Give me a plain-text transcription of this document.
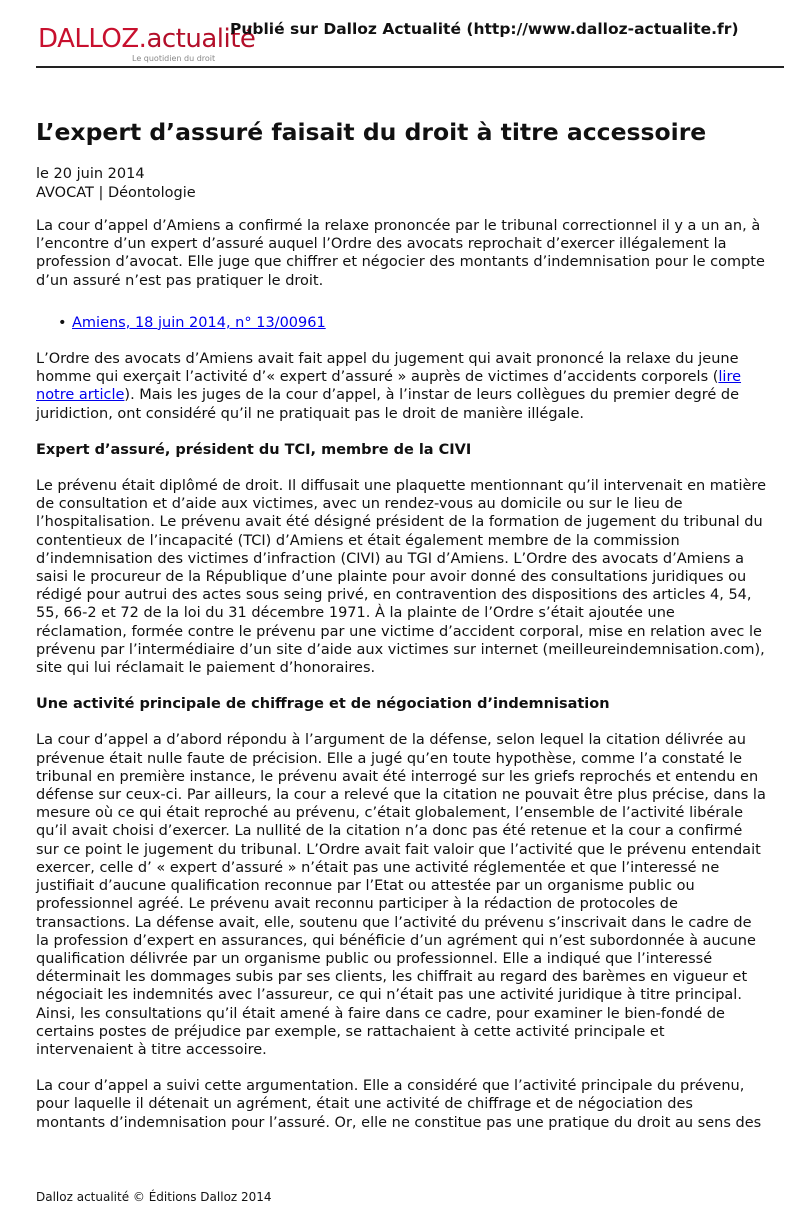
DALLOZ.actualité
Le quotidien du droit
Publié sur Dalloz Actualité (http://www.dalloz-actualite.fr)
L’expert d’assuré faisait du droit à titre accessoire
le 20 juin 2014
AVOCAT | Déontologie

La cour d’appel d’Amiens a confirmé la relaxe prononcée par le tribunal correctionnel il y a un an, à l’encontre d’un expert d’assuré auquel l’Ordre des avocats reprochait d’exercer illégalement la profession d’avocat. Elle juge que chiffrer et négocier des montants d’indemnisation pour le compte d’un assuré n’est pas pratiquer le droit.

• Amiens, 18 juin 2014, n° 13/00961

L’Ordre des avocats d’Amiens avait fait appel du jugement qui avait prononcé la relaxe du jeune homme qui exerçait l’activité d’« expert d’assuré » auprès de victimes d’accidents corporels (lire notre article). Mais les juges de la cour d’appel, à l’instar de leurs collègues du premier degré de juridiction, ont considéré qu’il ne pratiquait pas le droit de manière illégale.

Expert d’assuré, président du TCI, membre de la CIVI

Le prévenu était diplômé de droit. Il diffusait une plaquette mentionnant qu’il intervenait en matière de consultation et d’aide aux victimes, avec un rendez-vous au domicile ou sur le lieu de l’hospitalisation. Le prévenu avait été désigné président de la formation de jugement du tribunal du contentieux de l’incapacité (TCI) d’Amiens et était également membre de la commission d’indemnisation des victimes d’infraction (CIVI) au TGI d’Amiens. L’Ordre des avocats d’Amiens a saisi le procureur de la République d’une plainte pour avoir donné des consultations juridiques ou rédigé pour autrui des actes sous seing privé, en contravention des dispositions des articles 4, 54, 55, 66-2 et 72 de la loi du 31 décembre 1971. À la plainte de l’Ordre s’était ajoutée une réclamation, formée contre le prévenu par une victime d’accident corporal, mise en relation avec le prévenu par l’intermédiaire d’un site d’aide aux victimes sur internet (meilleureindemnisation.com), site qui lui réclamait le paiement d’honoraires.

Une activité principale de chiffrage et de négociation d’indemnisation

La cour d’appel a d’abord répondu à l’argument de la défense, selon lequel la citation délivrée au prévenue était nulle faute de précision. Elle a jugé qu’en toute hypothèse, comme l’a constaté le tribunal en première instance, le prévenu avait été interrogé sur les griefs reprochés et entendu en défense sur ceux-ci. Par ailleurs, la cour a relevé que la citation ne pouvait être plus précise, dans la mesure où ce qui était reproché au prévenu, c’était globalement, l’ensemble de l’activité libérale qu’il avait choisi d’exercer. La nullité de la citation n’a donc pas été retenue et la cour a confirmé sur ce point le jugement du tribunal. L’Ordre avait fait valoir que l’activité que le prévenu entendait exercer, celle d’ « expert d’assuré » n’était pas une activité réglementée et que l’interessé ne justifiait d’aucune qualification reconnue par l’Etat ou attestée par un organisme public ou professionnel agréé. Le prévenu avait reconnu participer à la rédaction de protocoles de transactions. La défense avait, elle, soutenu que l’activité du prévenu s’inscrivait dans le cadre de la profession d’expert en assurances, qui bénéficie d’un agrément qui n’est subordonnée à aucune qualification délivrée par un organisme public ou professionnel. Elle a indiqué que l’interessé déterminait les dommages subis par ses clients, les chiffrait au regard des barèmes en vigueur et négociait les indemnités avec l’assureur, ce qui n’était pas une activité juridique à titre principal. Ainsi, les consultations qu’il était amené à faire dans ce cadre, pour examiner le bien-fondé de certains postes de préjudice par exemple, se rattachaient à cette activité principale et intervenaient à titre accessoire.

La cour d’appel a suivi cette argumentation. Elle a considéré que l’activité principale du prévenu, pour laquelle il détenait un agrément, était une activité de chiffrage et de négociation des montants d’indemnisation pour l’assuré. Or, elle ne constitue pas une pratique du droit au sens des

Dalloz actualité © Éditions Dalloz 2014
